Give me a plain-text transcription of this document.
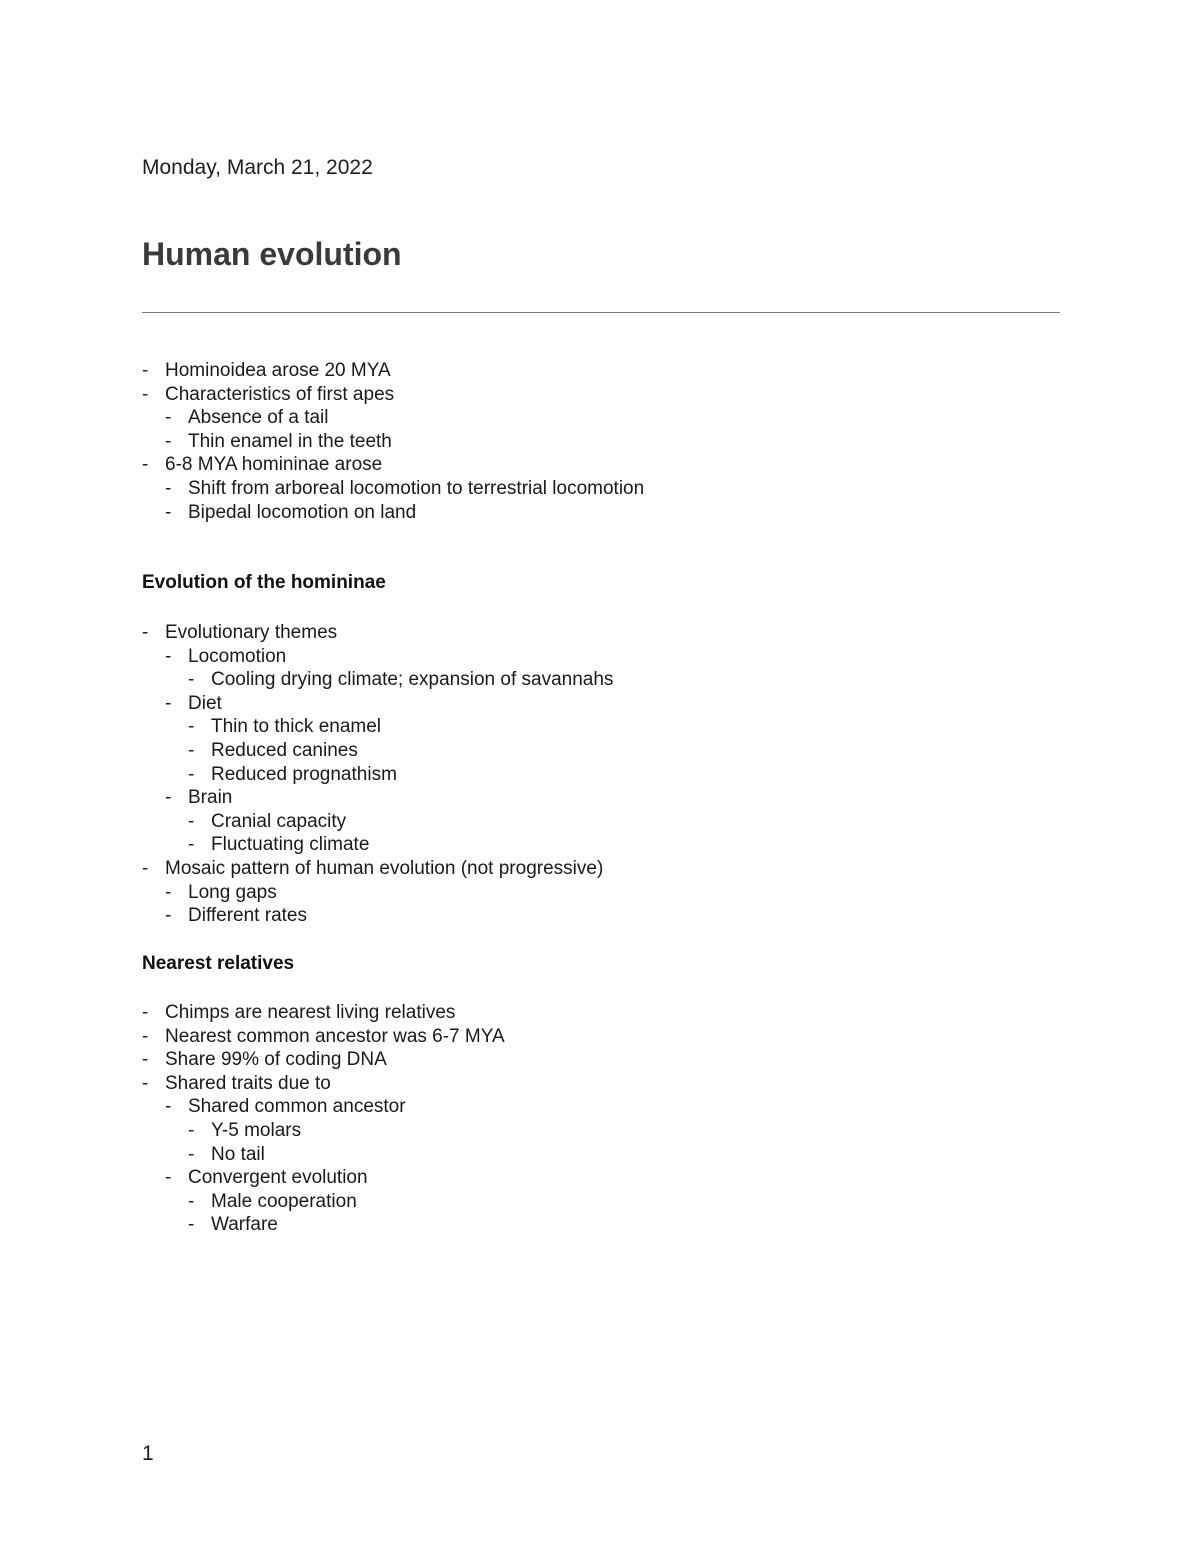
Monday, March 21, 2022
Human evolution
- Hominoidea arose 20 MYA
- Characteristics of first apes
- Absence of a tail
- Thin enamel in the teeth
- 6-8 MYA homininae arose
- Shift from arboreal locomotion to terrestrial locomotion
- Bipedal locomotion on land
Evolution of the homininae
- Evolutionary themes
- Locomotion
- Cooling drying climate; expansion of savannahs
- Diet
- Thin to thick enamel
- Reduced canines
- Reduced prognathism
- Brain
- Cranial capacity
- Fluctuating climate
- Mosaic pattern of human evolution (not progressive)
- Long gaps
- Different rates
Nearest relatives
- Chimps are nearest living relatives
- Nearest common ancestor was 6-7 MYA
- Share 99% of coding DNA
- Shared traits due to
- Shared common ancestor
- Y-5 molars
- No tail
- Convergent evolution
- Male cooperation
- Warfare
1
